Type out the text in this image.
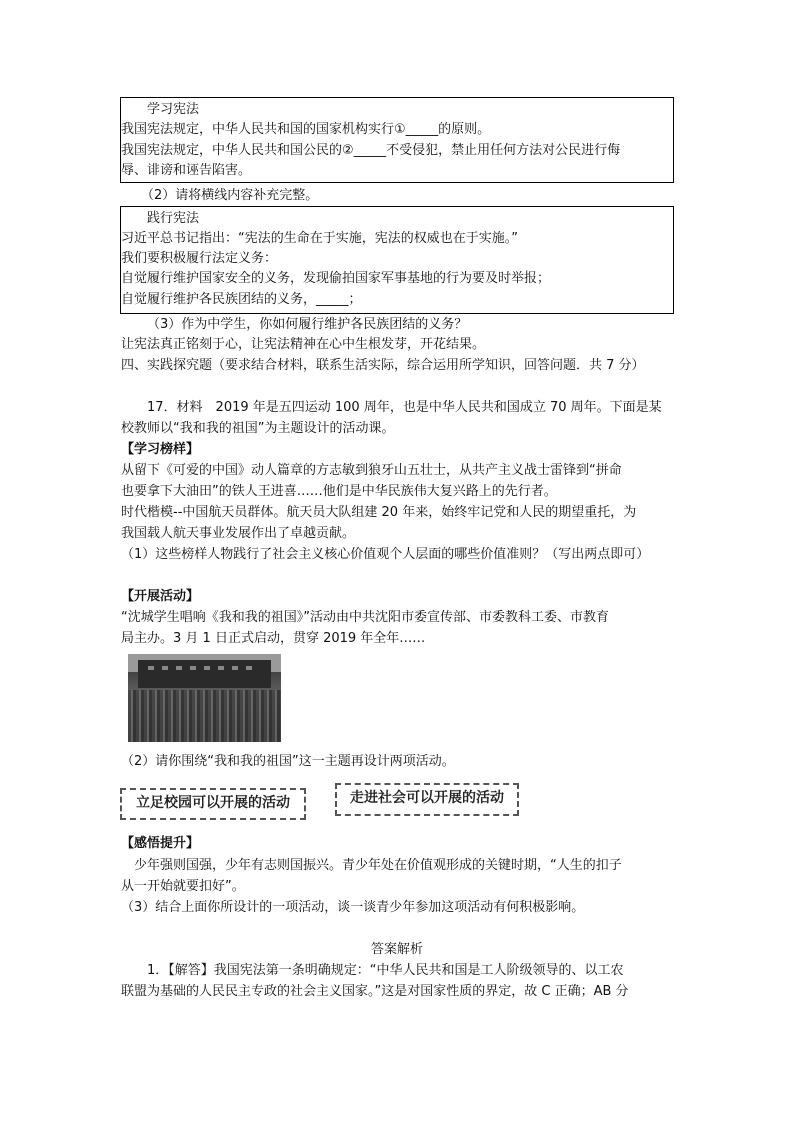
学习宪法
我国宪法规定，中华人民共和国的国家机构实行①_____的原则。
我国宪法规定，中华人民共和国公民的②_____不受侵犯，禁止用任何方法对公民进行侮
辱、诽谤和诬告陷害。
（2）请将横线内容补充完整。
践行宪法
习近平总书记指出：“宪法的生命在于实施，宪法的权威也在于实施。”
我们要积极履行法定义务：
自觉履行维护国家安全的义务，发现偷拍国家军事基地的行为要及时举报；
自觉履行维护各民族团结的义务，_____；
（3）作为中学生，你如何履行维护各民族团结的义务？
让宪法真正铭刻于心，让宪法精神在心中生根发芽，开花结果。
四、实践探究题（要求结合材料，联系生活实际，综合运用所学知识，回答问题．共 7 分）
17．材料　2019 年是五四运动 100 周年，也是中华人民共和国成立 70 周年。下面是某
校教师以“我和我的祖国”为主题设计的活动课。
【学习榜样】
从留下《可爱的中国》动人篇章的方志敏到狼牙山五壮士，从共产主义战士雷锋到“拼命
也要拿下大油田”的铁人王进喜……他们是中华民族伟大复兴路上的先行者。
时代楷模--中国航天员群体。航天员大队组建 20 年来，始终牢记党和人民的期望重托，为
我国载人航天事业发展作出了卓越贡献。
（1）这些榜样人物践行了社会主义核心价值观个人层面的哪些价值准则？（写出两点即可）
【开展活动】
“沈城学生唱响《我和我的祖国》”活动由中共沈阳市委宣传部、市委教科工委、市教育
局主办。3 月 1 日正式启动，贯穿 2019 年全年……
（2）请你围绕“我和我的祖国”这一主题再设计两项活动。
立足校园可以开展的活动	走进社会可以开展的活动
【感悟提升】
少年强则国强，少年有志则国振兴。青少年处在价值观形成的关键时期，“人生的扣子
从一开始就要扣好”。
（3）结合上面你所设计的一项活动，谈一谈青少年参加这项活动有何积极影响。
答案解析
1．【解答】我国宪法第一条明确规定：“中华人民共和国是工人阶级领导的、以工农
联盟为基础的人民民主专政的社会主义国家。”这是对国家性质的界定，故 C 正确；AB 分
